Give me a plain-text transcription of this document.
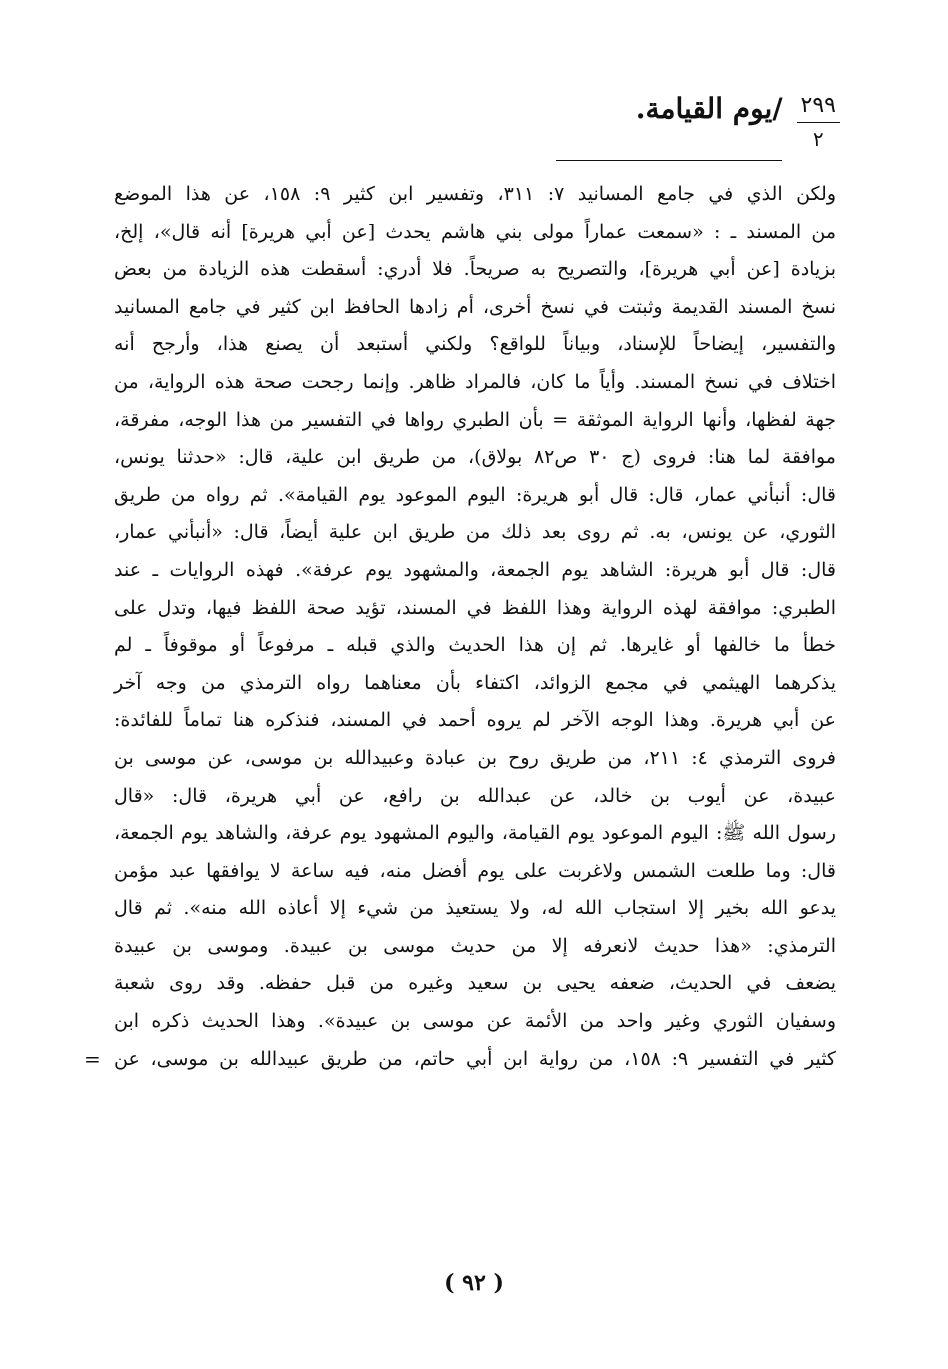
٢٩٩
٢
/يوم القيامة.
ولكن الذي في جامع المسانيد ٧: ٣١١، وتفسير ابن كثير ٩: ١٥٨، عن هذا الموضع
من المسند ـ : «سمعت عماراً مولى بني هاشم يحدث [عن أبي هريرة] أنه قال»، إلخ،
بزيادة [عن أبي هريرة]، والتصريح به صريحاً. فلا أدري: أسقطت هذه الزيادة من بعض
نسخ المسند القديمة وثبتت في نسخ أخرى، أم زادها الحافظ ابن كثير في جامع المسانيد
والتفسير، إيضاحاً للإسناد، وبياناً للواقع؟ ولكني أستبعد أن يصنع هذا، وأرجح أنه
اختلاف في نسخ المسند. وأياً ما كان، فالمراد ظاهر. وإنما رجحت صحة هذه الرواية، من
جهة لفظها، وأنها الرواية الموثقة = بأن الطبري رواها في التفسير من هذا الوجه، مفرقة،
موافقة لما هنا: فروى (ج ٣٠ ص٨٢ بولاق)، من طريق ابن علية، قال: «حدثنا يونس،
قال: أنبأني عمار، قال: قال أبو هريرة: اليوم الموعود يوم القيامة». ثم رواه من طريق
الثوري، عن يونس، به. ثم روى بعد ذلك من طريق ابن علية أيضاً، قال: «أنبأني عمار،
قال: قال أبو هريرة: الشاهد يوم الجمعة، والمشهود يوم عرفة». فهذه الروايات ـ عند
الطبري: موافقة لهذه الرواية وهذا اللفظ في المسند، تؤيد صحة اللفظ فيها، وتدل على
خطأ ما خالفها أو غايرها. ثم إن هذا الحديث والذي قبله ـ مرفوعاً أو موقوفاً ـ لم
يذكرهما الهيثمي في مجمع الزوائد، اكتفاء بأن معناهما رواه الترمذي من وجه آخر
عن أبي هريرة. وهذا الوجه الآخر لم يروه أحمد في المسند، فنذكره هنا تماماً للفائدة:
فروى الترمذي ٤: ٢١١، من طريق روح بن عبادة وعبيدالله بن موسى، عن موسى بن
عبيدة، عن أيوب بن خالد، عن عبدالله بن رافع، عن أبي هريرة، قال: «قال
رسول الله ﷺ: اليوم الموعود يوم القيامة، واليوم المشهود يوم عرفة، والشاهد يوم الجمعة،
قال: وما طلعت الشمس ولاغربت على يوم أفضل منه، فيه ساعة لا يوافقها عبد مؤمن
يدعو الله بخير إلا استجاب الله له، ولا يستعيذ من شيء إلا أعاذه الله منه». ثم قال
الترمذي: «هذا حديث لانعرفه إلا من حديث موسى بن عبيدة. وموسى بن عبيدة
يضعف في الحديث، ضعفه يحيى بن سعيد وغيره من قبل حفظه. وقد روى شعبة
وسفيان الثوري وغير واحد من الأئمة عن موسى بن عبيدة». وهذا الحديث ذكره ابن
كثير في التفسير ٩: ١٥٨، من رواية ابن أبي حاتم، من طريق عبيدالله بن موسى، عن
=
( ٩٢ )
